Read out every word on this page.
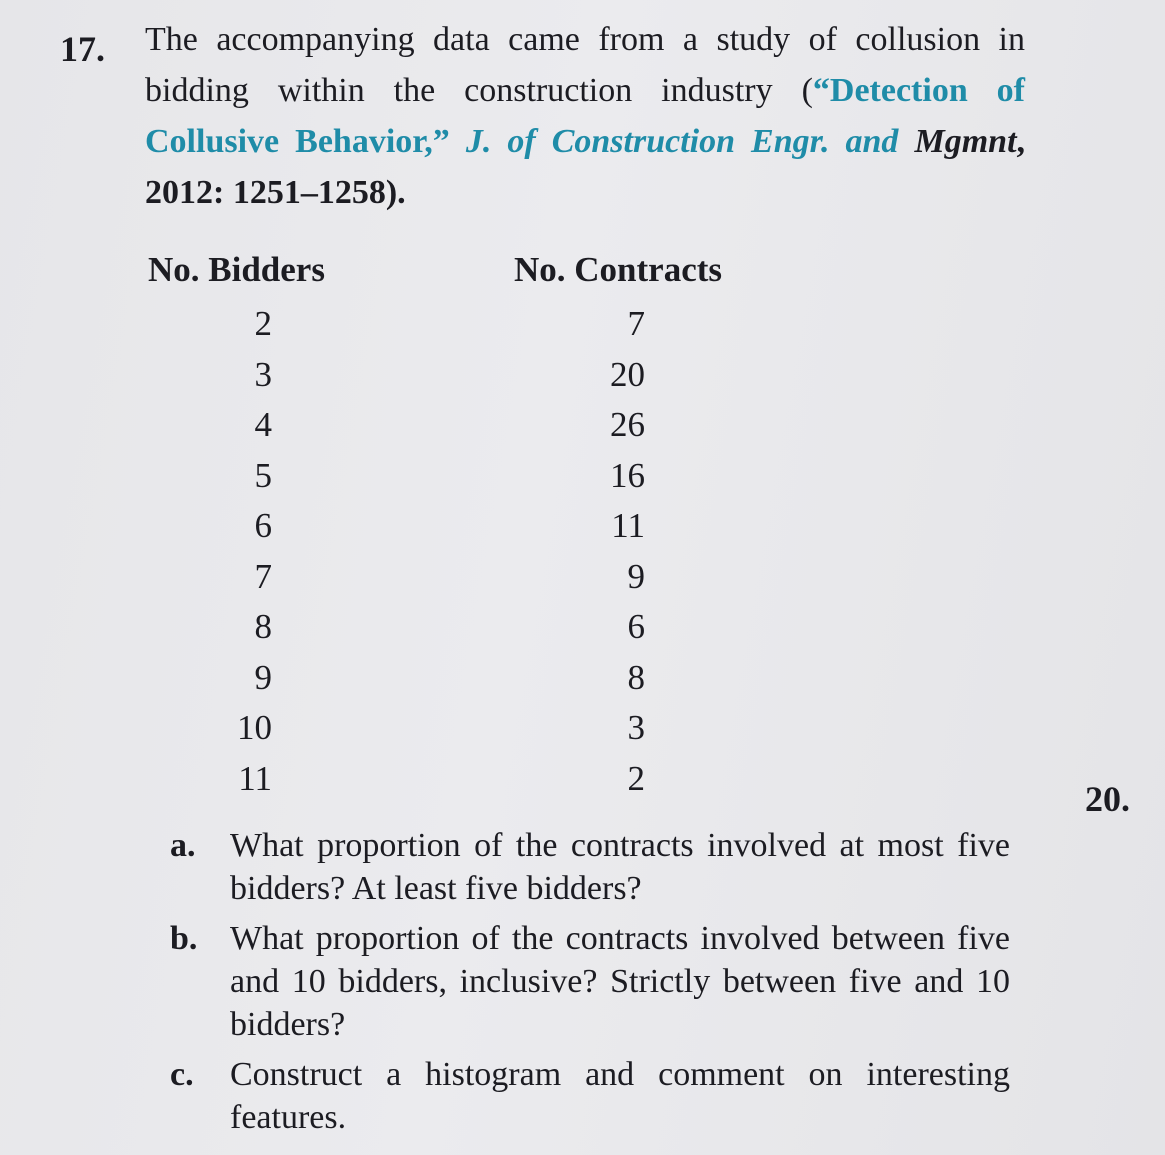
17. The accompanying data came from a study of collusion in bidding within the construction industry (“Detection of Collusive Behavior,” J. of Construction Engr. and Mgmnt, 2012: 1251–1258).
No. Bidders	No. Contracts
2	7
3	20
4	26
5	16
6	11
7	9
8	6
9	8
10	3
11	2
20.
a. What proportion of the contracts involved at most five bidders? At least five bidders?
b. What proportion of the contracts involved between five and 10 bidders, inclusive? Strictly between five and 10 bidders?
c. Construct a histogram and comment on interesting features.
